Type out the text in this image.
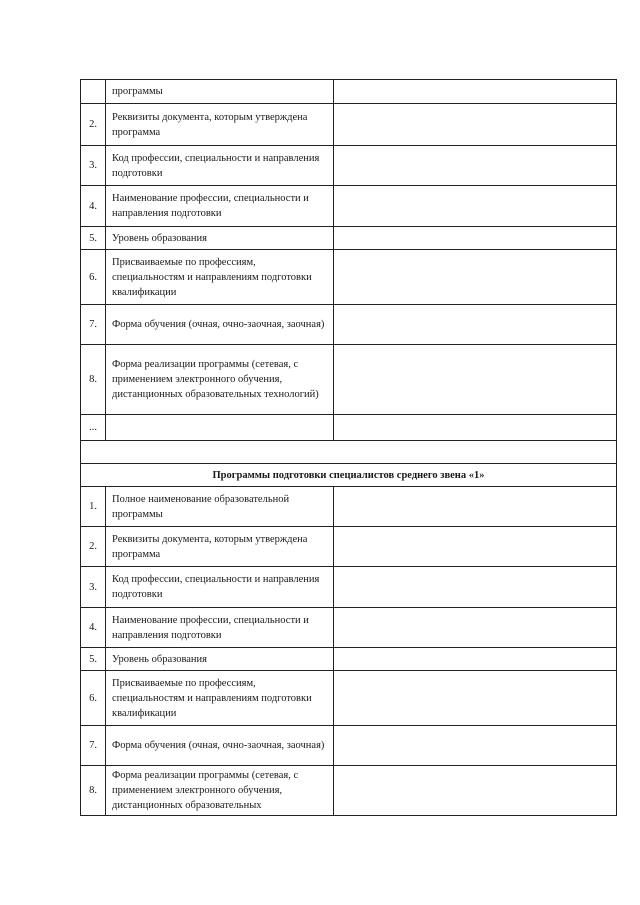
	программы	
2.	Реквизиты документа, которым утверждена программа	
3.	Код профессии, специальности и направления подготовки	
4.	Наименование профессии, специальности и направления подготовки	
5.	Уровень образования	
6.	Присваиваемые по профессиям, специальностям и направлениям подготовки квалификации	
7.	Форма обучения (очная, очно-заочная, заочная)	
8.	Форма реализации программы (сетевая, с применением электронного обучения, дистанционных образовательных технологий)	
...		

Программы подготовки специалистов среднего звена «1»		
1.	Полное наименование образовательной программы	
2.	Реквизиты документа, которым утверждена программа	
3.	Код профессии, специальности и направления подготовки	
4.	Наименование профессии, специальности и направления подготовки	
5.	Уровень образования	
6.	Присваиваемые по профессиям, специальностям и направлениям подготовки квалификации	
7.	Форма обучения (очная, очно-заочная, заочная)	
8.	Форма реализации программы (сетевая, с применением электронного обучения, дистанционных образовательных	
